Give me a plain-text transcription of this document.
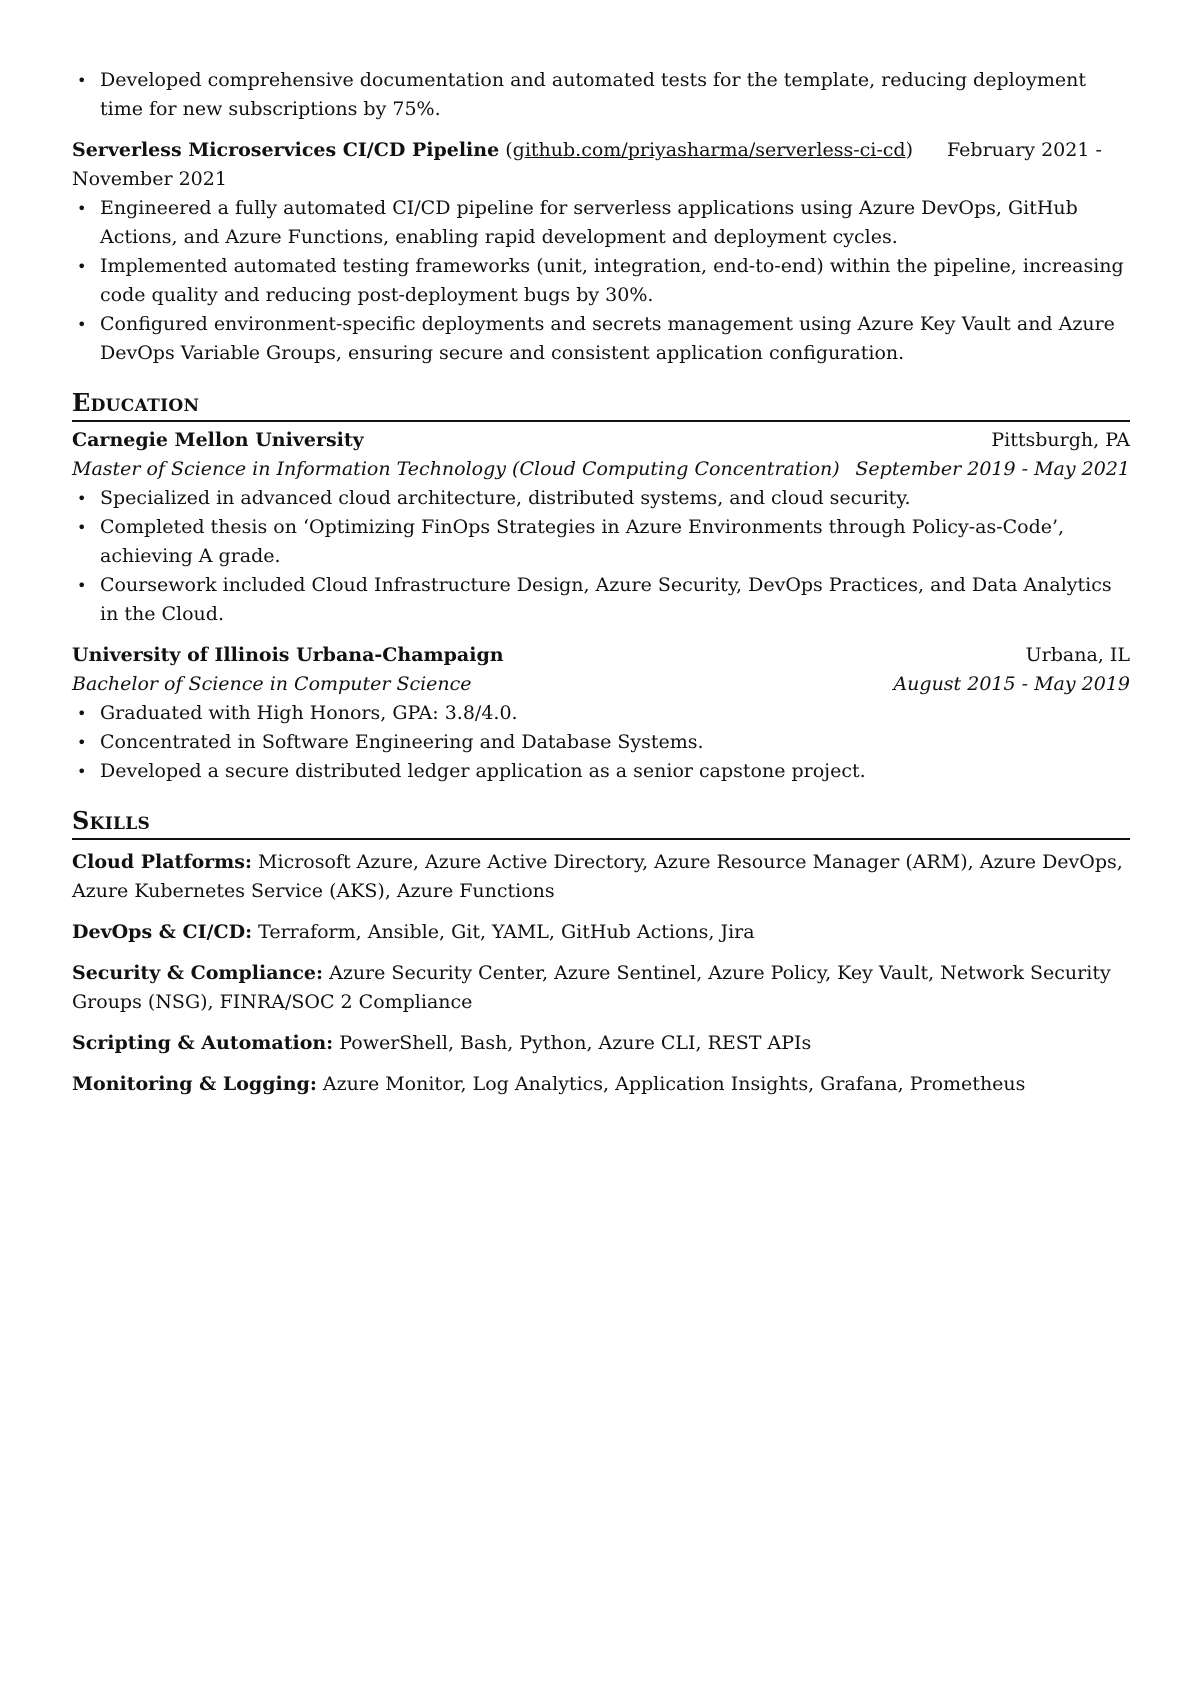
• Developed comprehensive documentation and automated tests for the template, reducing deployment time for new subscriptions by 75%.
Serverless Microservices CI/CD Pipeline (github.com/priyasharma/serverless-ci-cd) February 2021 - November 2021
• Engineered a fully automated CI/CD pipeline for serverless applications using Azure DevOps, GitHub Actions, and Azure Functions, enabling rapid development and deployment cycles.
• Implemented automated testing frameworks (unit, integration, end-to-end) within the pipeline, increasing code quality and reducing post-deployment bugs by 30%.
• Configured environment-specific deployments and secrets management using Azure Key Vault and Azure DevOps Variable Groups, ensuring secure and consistent application configuration.
Education
Carnegie Mellon University	Pittsburgh, PA
Master of Science in Information Technology (Cloud Computing Concentration) September 2019 - May 2021
• Specialized in advanced cloud architecture, distributed systems, and cloud security.
• Completed thesis on ‘Optimizing FinOps Strategies in Azure Environments through Policy-as-Code’, achieving A grade.
• Coursework included Cloud Infrastructure Design, Azure Security, DevOps Practices, and Data Analytics in the Cloud.
University of Illinois Urbana-Champaign	Urbana, IL
Bachelor of Science in Computer Science	August 2015 - May 2019
• Graduated with High Honors, GPA: 3.8/4.0.
• Concentrated in Software Engineering and Database Systems.
• Developed a secure distributed ledger application as a senior capstone project.
Skills
Cloud Platforms: Microsoft Azure, Azure Active Directory, Azure Resource Manager (ARM), Azure DevOps, Azure Kubernetes Service (AKS), Azure Functions
DevOps & CI/CD: Terraform, Ansible, Git, YAML, GitHub Actions, Jira
Security & Compliance: Azure Security Center, Azure Sentinel, Azure Policy, Key Vault, Network Security Groups (NSG), FINRA/SOC 2 Compliance
Scripting & Automation: PowerShell, Bash, Python, Azure CLI, REST APIs
Monitoring & Logging: Azure Monitor, Log Analytics, Application Insights, Grafana, Prometheus
